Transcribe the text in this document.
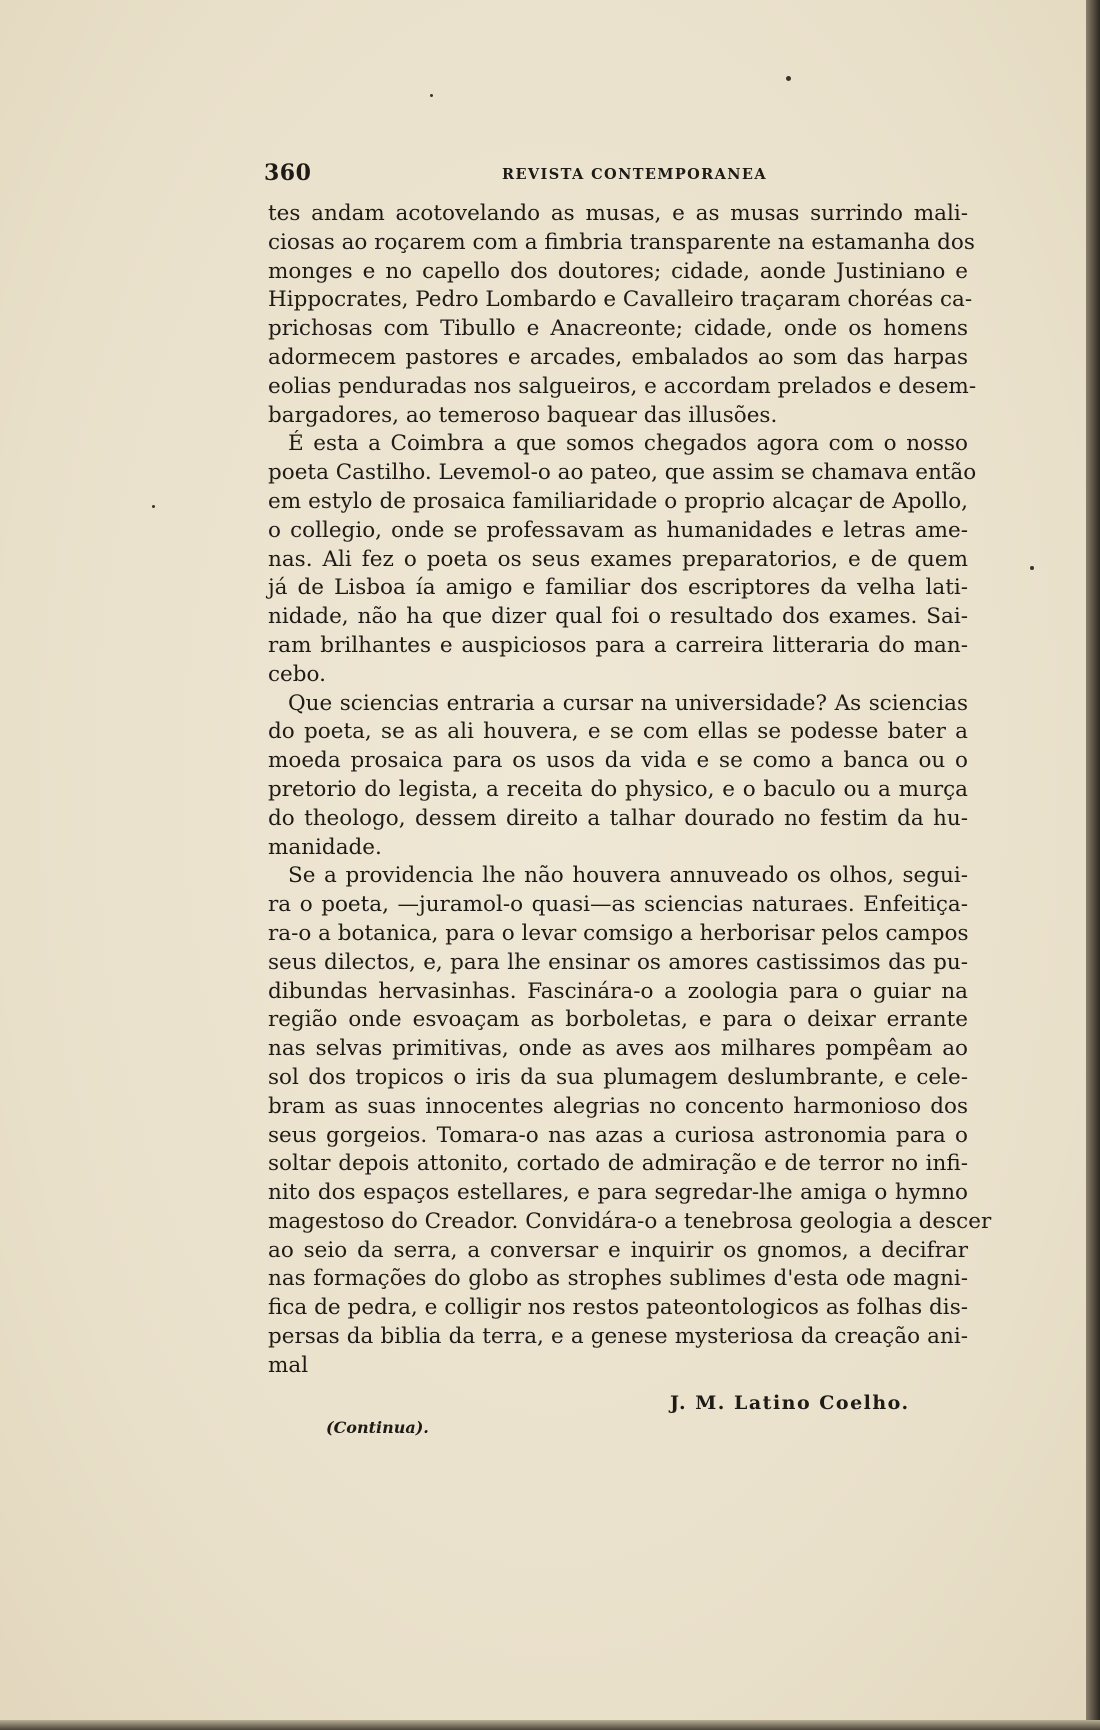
360	REVISTA CONTEMPORANEA
tes andam acotovelando as musas, e as musas surrindo mali-
ciosas ao roçarem com a fimbria transparente na estamanha dos
monges e no capello dos doutores; cidade, aonde Justiniano e
Hippocrates, Pedro Lombardo e Cavalleiro traçaram choréas ca-
prichosas com Tibullo e Anacreonte; cidade, onde os homens
adormecem pastores e arcades, embalados ao som das harpas
eolias penduradas nos salgueiros, e accordam prelados e desem-
bargadores, ao temeroso baquear das illusões.
É esta a Coimbra a que somos chegados agora com o nosso
poeta Castilho. Levemol-o ao pateo, que assim se chamava então
em estylo de prosaica familiaridade o proprio alcaçar de Apollo,
o collegio, onde se professavam as humanidades e letras ame-
nas. Ali fez o poeta os seus exames preparatorios, e de quem
já de Lisboa ía amigo e familiar dos escriptores da velha lati-
nidade, não ha que dizer qual foi o resultado dos exames. Sai-
ram brilhantes e auspiciosos para a carreira litteraria do man-
cebo.
Que sciencias entraria a cursar na universidade? As sciencias
do poeta, se as ali houvera, e se com ellas se podesse bater a
moeda prosaica para os usos da vida e se como a banca ou o
pretorio do legista, a receita do physico, e o baculo ou a murça
do theologo, dessem direito a talhar dourado no festim da hu-
manidade.
Se a providencia lhe não houvera annuveado os olhos, segui-
ra o poeta, —juramol-o quasi—as sciencias naturaes. Enfeitiça-
ra-o a botanica, para o levar comsigo a herborisar pelos campos
seus dilectos, e, para lhe ensinar os amores castissimos das pu-
dibundas hervasinhas. Fascinára-o a zoologia para o guiar na
região onde esvoaçam as borboletas, e para o deixar errante
nas selvas primitivas, onde as aves aos milhares pompêam ao
sol dos tropicos o iris da sua plumagem deslumbrante, e cele-
bram as suas innocentes alegrias no concento harmonioso dos
seus gorgeios. Tomara-o nas azas a curiosa astronomia para o
soltar depois attonito, cortado de admiração e de terror no infi-
nito dos espaços estellares, e para segredar-lhe amiga o hymno
magestoso do Creador. Convidára-o a tenebrosa geologia a descer
ao seio da serra, a conversar e inquirir os gnomos, a decifrar
nas formações do globo as strophes sublimes d'esta ode magni-
fica de pedra, e colligir nos restos pateontologicos as folhas dis-
persas da biblia da terra, e a genese mysteriosa da creação ani-
mal
J. M. Latino Coelho.
(Continua).
